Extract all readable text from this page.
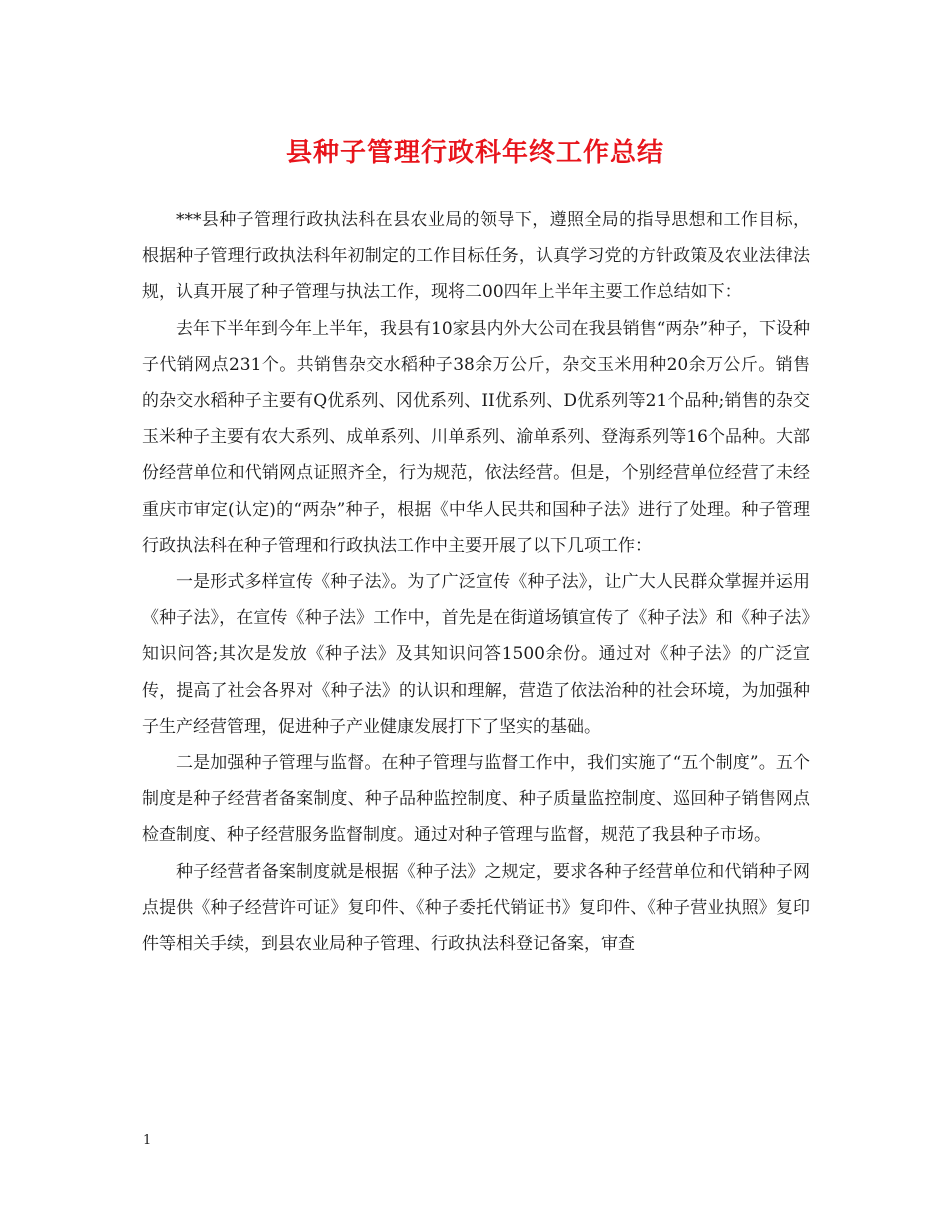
县种子管理行政科年终工作总结

***县种子管理行政执法科在县农业局的领导下，遵照全局的指导思想和工作目标，根据种子管理行政执法科年初制定的工作目标任务，认真学习党的方针政策及农业法律法规，认真开展了种子管理与执法工作，现将二00四年上半年主要工作总结如下：

去年下半年到今年上半年，我县有10家县内外大公司在我县销售“两杂”种子，下设种子代销网点231个。共销售杂交水稻种子38余万公斤，杂交玉米用种20余万公斤。销售的杂交水稻种子主要有Q优系列、冈优系列、II优系列、D优系列等21个品种;销售的杂交玉米种子主要有农大系列、成单系列、川单系列、渝单系列、登海系列等16个品种。大部份经营单位和代销网点证照齐全，行为规范，依法经营。但是，个别经营单位经营了未经重庆市审定(认定)的“两杂”种子，根据《中华人民共和国种子法》进行了处理。种子管理行政执法科在种子管理和行政执法工作中主要开展了以下几项工作：

一是形式多样宣传《种子法》。为了广泛宣传《种子法》，让广大人民群众掌握并运用《种子法》，在宣传《种子法》工作中，首先是在街道场镇宣传了《种子法》和《种子法》知识问答;其次是发放《种子法》及其知识问答1500余份。通过对《种子法》的广泛宣传，提高了社会各界对《种子法》的认识和理解，营造了依法治种的社会环境，为加强种子生产经营管理，促进种子产业健康发展打下了坚实的基础。

二是加强种子管理与监督。在种子管理与监督工作中，我们实施了“五个制度”。五个制度是种子经营者备案制度、种子品种监控制度、种子质量监控制度、巡回种子销售网点检查制度、种子经营服务监督制度。通过对种子管理与监督，规范了我县种子市场。

种子经营者备案制度就是根据《种子法》之规定，要求各种子经营单位和代销种子网点提供《种子经营许可证》复印件、《种子委托代销证书》复印件、《种子营业执照》复印件等相关手续，到县农业局种子管理、行政执法科登记备案，审查

1
